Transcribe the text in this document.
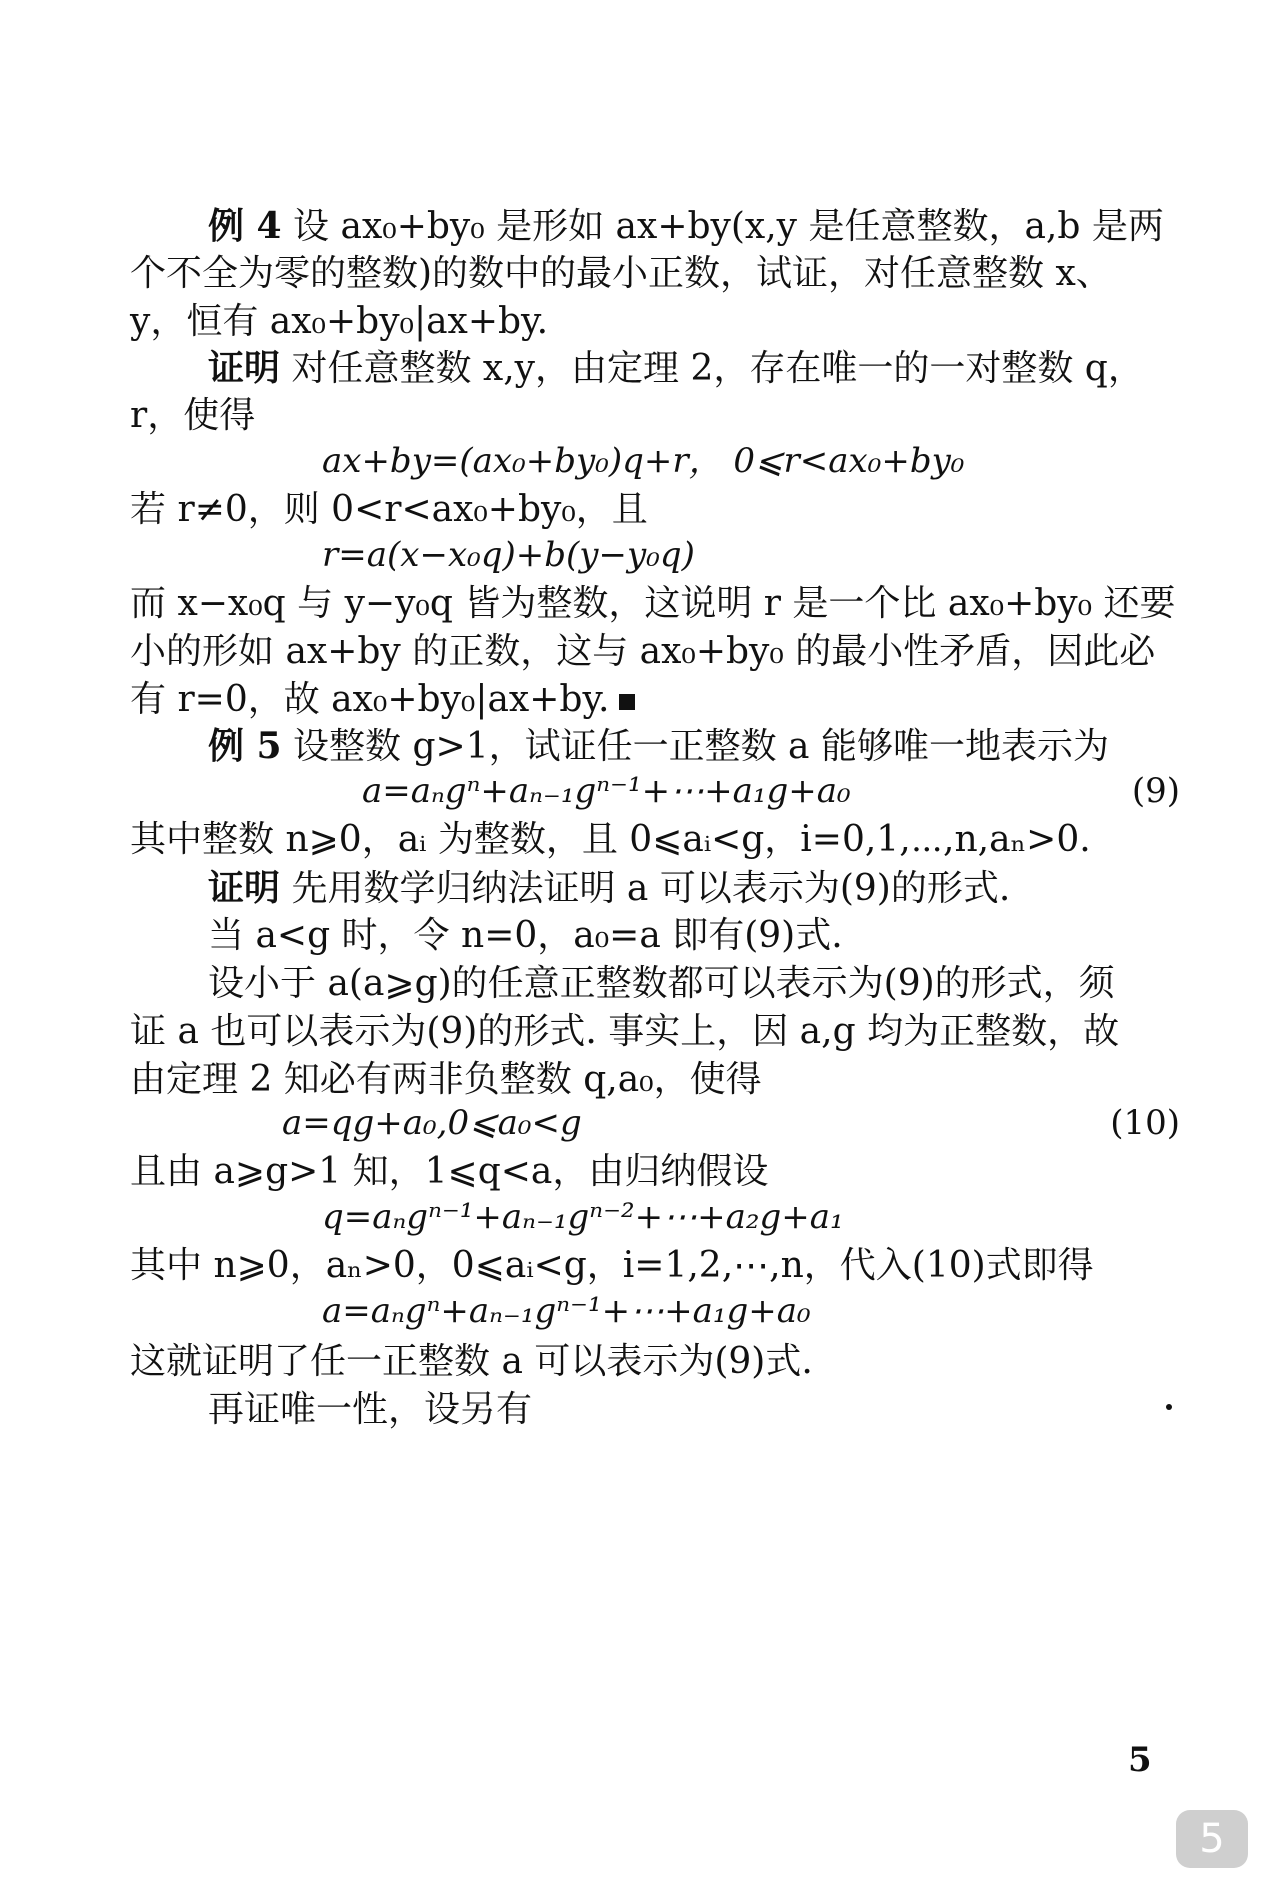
例 4 设 ax₀+by₀ 是形如 ax+by(x,y 是任意整数，a,b 是两

个不全为零的整数)的数中的最小正数，试证，对任意整数 x、

y，恒有 ax₀+by₀|ax+by.

证明 对任意整数 x,y，由定理 2，存在唯一的一对整数 q，

r，使得

ax+by=(ax₀+by₀)q+r， 0⩽r<ax₀+by₀

若 r≠0，则 0<r<ax₀+by₀，且

r=a(x−x₀q)+b(y−y₀q)

而 x−x₀q 与 y−y₀q 皆为整数，这说明 r 是一个比 ax₀+by₀ 还要

小的形如 ax+by 的正数，这与 ax₀+by₀ 的最小性矛盾，因此必

有 r=0，故 ax₀+by₀|ax+by.

例 5 设整数 g>1，试证任一正整数 a 能够唯一地表示为

a=aₙgⁿ+aₙ₋₁gⁿ⁻¹+⋯+a₁g+a₀	(9)

其中整数 n⩾0，aᵢ 为整数，且 0⩽aᵢ<g，i=0,1,⋯,n,aₙ>0.

证明 先用数学归纳法证明 a 可以表示为(9)的形式.

当 a<g 时，令 n=0，a₀=a 即有(9)式.

设小于 a(a⩾g)的任意正整数都可以表示为(9)的形式，须

证 a 也可以表示为(9)的形式. 事实上，因 a,g 均为正整数，故

由定理 2 知必有两非负整数 q,a₀，使得

a=qg+a₀,0⩽a₀<g	(10)

且由 a⩾g>1 知，1⩽q<a，由归纳假设

q=aₙgⁿ⁻¹+aₙ₋₁gⁿ⁻²+⋯+a₂g+a₁

其中 n⩾0，aₙ>0，0⩽aᵢ<g，i=1,2,⋯,n，代入(10)式即得

a=aₙgⁿ+aₙ₋₁gⁿ⁻¹+⋯+a₁g+a₀

这就证明了任一正整数 a 可以表示为(9)式.

再证唯一性，设另有

5
5
